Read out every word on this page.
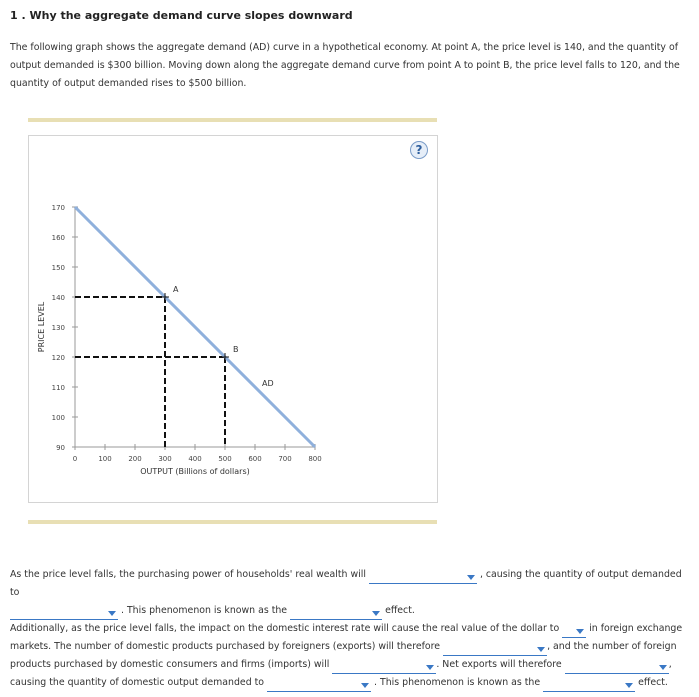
1 . Why the aggregate demand curve slopes downward
The following graph shows the aggregate demand (AD) curve in a hypothetical economy. At point A, the price level is 140, and the quantity of output demanded is $300 billion. Moving down along the aggregate demand curve from point A to point B, the price level falls to 120, and the quantity of output demanded rises to $500 billion.
?
90
100
110
120
130
140
150
160
170
0	100 200 300 400 500 600 700 800
OUTPUT (Billions of dollars)
PRICE LEVEL
AD
A
B
As the price level falls, the purchasing power of households' real wealth will	, causing the quantity of output demanded to

. This phenomenon is known as the	effect.
Additionally, as the price level falls, the impact on the domestic interest rate will cause the real value of the dollar to	in foreign exchange markets. The number of domestic products purchased by foreigners (exports) will therefore	, and the number of foreign products purchased by domestic consumers and firms (imports) will	. Net exports will therefore	,
causing the quantity of domestic output demanded to	. This phenomenon is known as the	effect.
